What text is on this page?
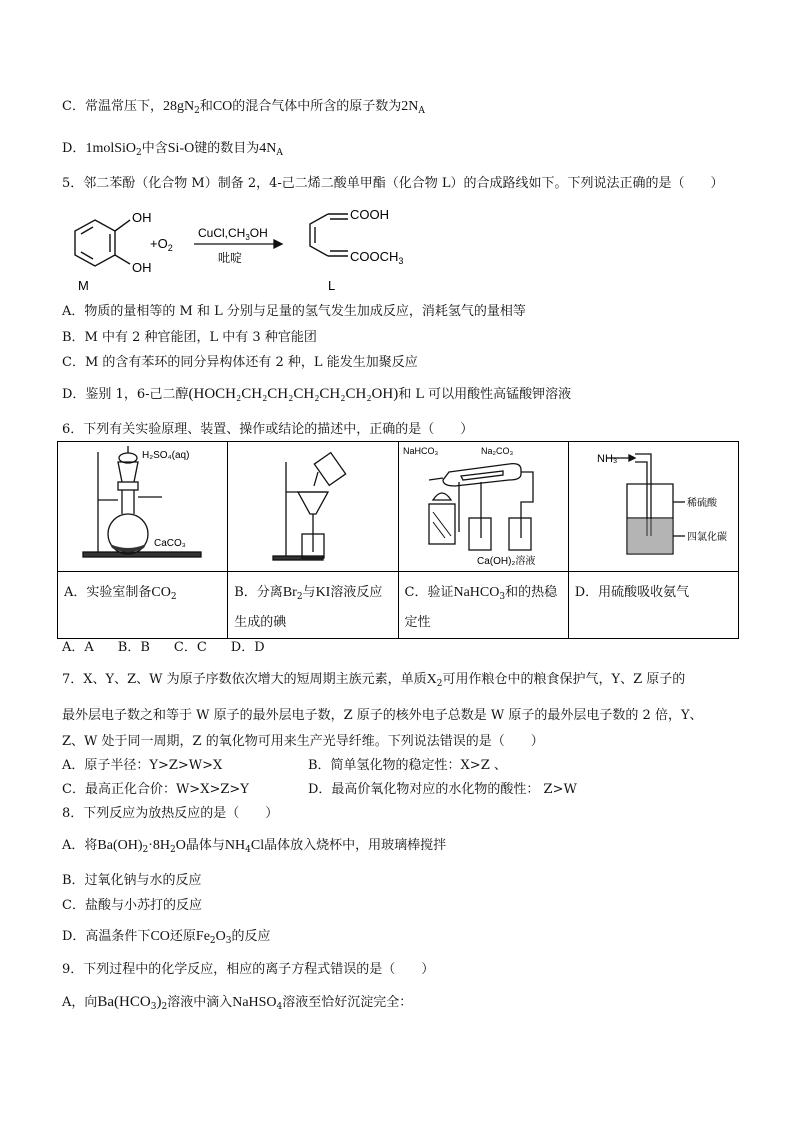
C．常温常压下，$28gN_2$和CO的混合气体中所含的原子数为$2N_A$
D．1molSiO$_2$中含Si-O键的数目为$4N_A$
5．邻二苯酚（化合物 M）制备 2，4-己二烯二酸单甲酯（化合物 L）的合成路线如下。下列说法正确的是（　　）
OH
OH
M
$+O_2$
$CuCl,CH_3OH$
吡啶
COOH
$COOCH_3$
L
A．物质的量相等的 M 和 L 分别与足量的氢气发生加成反应，消耗氢气的量相等
B．M 中有 2 种官能团，L 中有 3 种官能团
C．M 的含有苯环的同分异构体还有 2 种，L 能发生加聚反应
D．鉴别 1，6-己二醇(HOCH₂CH₂CH₂CH₂CH₂CH₂OH)和 L 可以用酸性高锰酸钾溶液
6．下列有关实验原理、装置、操作或结论的描述中，正确的是（　　）
H₂SO₄(aq)
CaCO₃		NaHCO₃ Na₂CO₃
Ca(OH)₂溶液	NH₃
稀硫酸
四氯化碳

A．实验室制备$CO_2$	B．分离$Br_2$与KI溶液反应生成的碘	C．验证NaHCO$_3$和的热稳定性	D．用硫酸吸收氨气
A．A B．B C．C D．D
7．X、Y、Z、W 为原子序数依次增大的短周期主族元素，单质$X_2$可用作粮仓中的粮食保护气，Y、Z 原子的
最外层电子数之和等于 W 原子的最外层电子数，Z 原子的核外电子总数是 W 原子的最外层电子数的 2 倍，Y、
Z、W 处于同一周期，Z 的氧化物可用来生产光导纤维。下列说法错误的是（　　）
A．原子半径：Y>Z>W>X	B．简单氢化物的稳定性：X>Z 、
C．最高正化合价：W>X>Z>Y	D．最高价氧化物对应的水化物的酸性： Z>W
8．下列反应为放热反应的是（　　）
A．将$Ba(OH)_2\cdot 8H_2O$晶体与$NH_4Cl$晶体放入烧杯中，用玻璃棒搅拌
B．过氧化钠与水的反应
C．盐酸与小苏打的反应
D．高温条件下CO还原$Fe_2O_3$的反应
9．下列过程中的化学反应，相应的离子方程式错误的是（　　）
A，向$Ba(HCO_3)_2$溶液中滴入NaHSO$_4$溶液至恰好沉淀完全：
